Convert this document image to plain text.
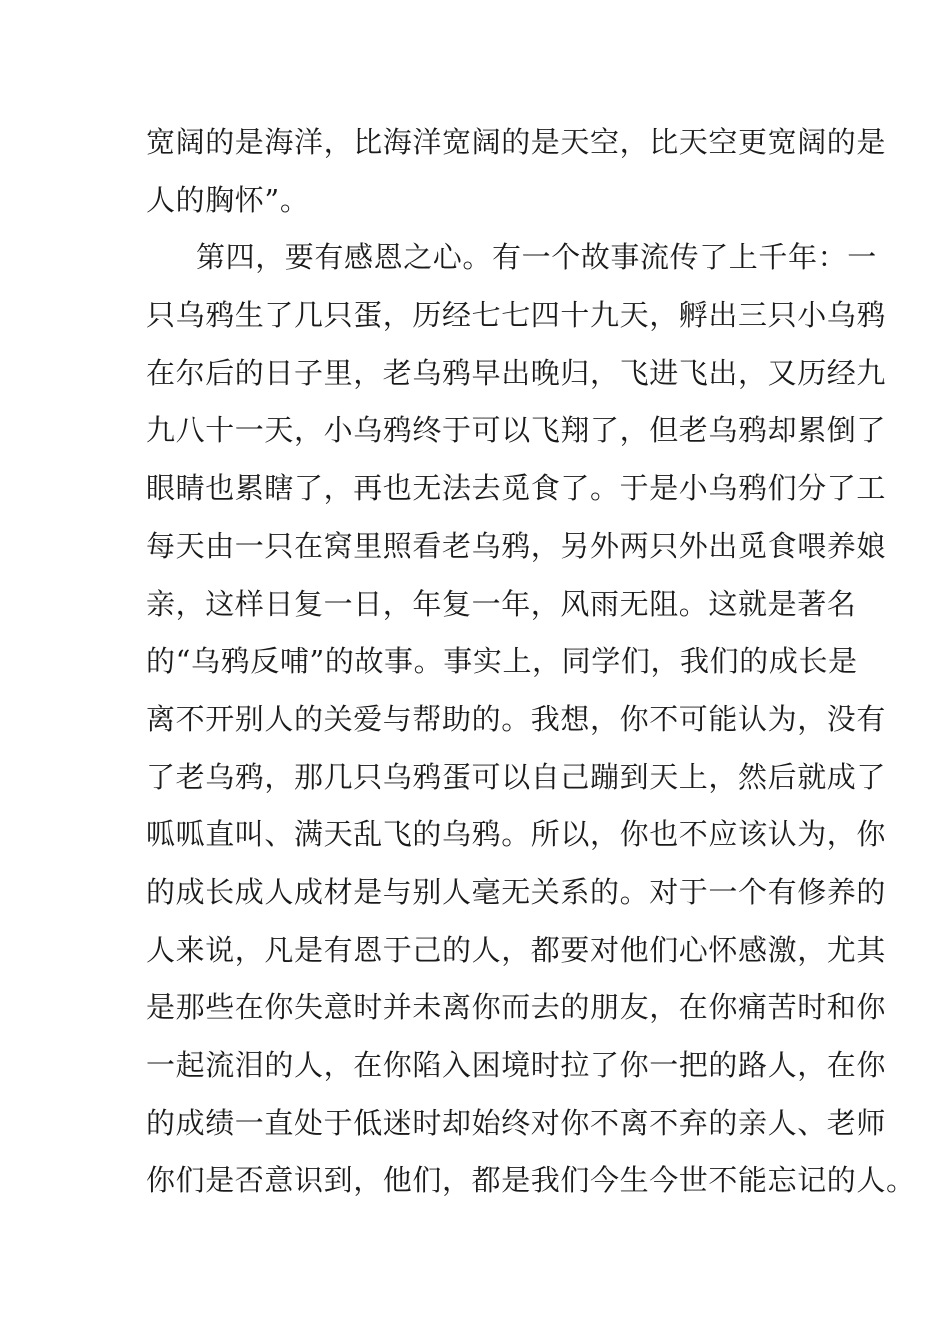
宽阔的是海洋，比海洋宽阔的是天空，比天空更宽阔的是
人的胸怀”。
第四，要有感恩之心。有一个故事流传了上千年：一
只乌鸦生了几只蛋，历经七七四十九天，孵出三只小乌鸦
在尔后的日子里，老乌鸦早出晚归，飞进飞出，又历经九
九八十一天，小乌鸦终于可以飞翔了，但老乌鸦却累倒了
眼睛也累瞎了，再也无法去觅食了。于是小乌鸦们分了工
每天由一只在窝里照看老乌鸦，另外两只外出觅食喂养娘
亲，这样日复一日，年复一年，风雨无阻。这就是著名
的“乌鸦反哺”的故事。事实上，同学们，我们的成长是
离不开别人的关爱与帮助的。我想，你不可能认为，没有
了老乌鸦，那几只乌鸦蛋可以自己蹦到天上，然后就成了
呱呱直叫、满天乱飞的乌鸦。所以，你也不应该认为，你
的成长成人成材是与别人毫无关系的。对于一个有修养的
人来说，凡是有恩于己的人，都要对他们心怀感激，尤其
是那些在你失意时并未离你而去的朋友，在你痛苦时和你
一起流泪的人，在你陷入困境时拉了你一把的路人，在你
的成绩一直处于低迷时却始终对你不离不弃的亲人、老师
你们是否意识到，他们，都是我们今生今世不能忘记的人。
